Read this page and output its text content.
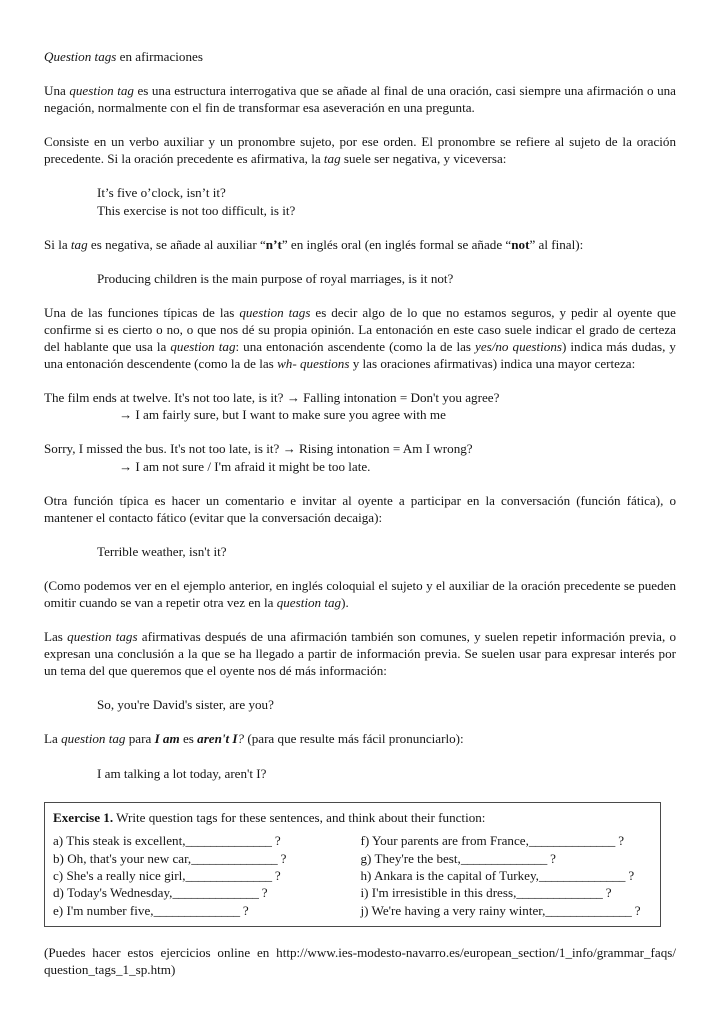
Question tags en afirmaciones

Una question tag es una estructura interrogativa que se añade al final de una oración, casi siempre una afirmación o una negación, normalmente con el fin de transformar esa aseveración en una pregunta.

Consiste en un verbo auxiliar y un pronombre sujeto, por ese orden. El pronombre se refiere al sujeto de la oración precedente. Si la oración precedente es afirmativa, la tag suele ser negativa, y viceversa:

It’s five o’clock, isn’t it?

This exercise is not too difficult, is it?

Si la tag es negativa, se añade al auxiliar “n’t” en inglés oral (en inglés formal se añade “not” al final):

Producing children is the main purpose of royal marriages, is it not?

Una de las funciones típicas de las question tags es decir algo de lo que no estamos seguros, y pedir al oyente que confirme si es cierto o no, o que nos dé su propia opinión. La entonación en este caso suele indicar el grado de certeza del hablante que usa la question tag: una entonación ascendente (como la de las yes/no questions) indica más dudas, y una entonación descendente (como la de las wh- questions y las oraciones afirmativas) indica una mayor certeza:

The film ends at twelve. It's not too late, is it? → Falling intonation = Don't you agree?

→ I am fairly sure, but I want to make sure you agree with me

Sorry, I missed the bus. It's not too late, is it? → Rising intonation = Am I wrong?

→ I am not sure / I'm afraid it might be too late.

Otra función típica es hacer un comentario e invitar al oyente a participar en la conversación (función fática), o mantener el contacto fático (evitar que la conversación decaiga):

Terrible weather, isn't it?

(Como podemos ver en el ejemplo anterior, en inglés coloquial el sujeto y el auxiliar de la oración precedente se pueden omitir cuando se van a repetir otra vez en la question tag).

Las question tags afirmativas después de una afirmación también son comunes, y suelen repetir información previa, o expresan una conclusión a la que se ha llegado a partir de información previa. Se suelen usar para expresar interés por un tema del que queremos que el oyente nos dé más información:

So, you're David's sister, are you?

La question tag para I am es aren't I? (para que resulte más fácil pronunciarlo):

I am talking a lot today, aren't I?

Exercise 1. Write question tags for these sentences, and think about their function:
a) This steak is excellent,______________ ?
b) Oh, that's your new car,______________ ?
c) She's a really nice girl,______________ ?
d) Today's Wednesday,______________ ?
e) I'm number five,______________ ?
f) Your parents are from France,______________ ?
g) They're the best,______________ ?
h) Ankara is the capital of Turkey,______________ ?
i) I'm irresistible in this dress,______________ ?
j) We're having a very rainy winter,______________ ?
(Puedes hacer estos ejercicios online en http://www.ies-modesto-navarro.es/european_section/1_info/grammar_faqs/ question_tags_1_sp.htm)
